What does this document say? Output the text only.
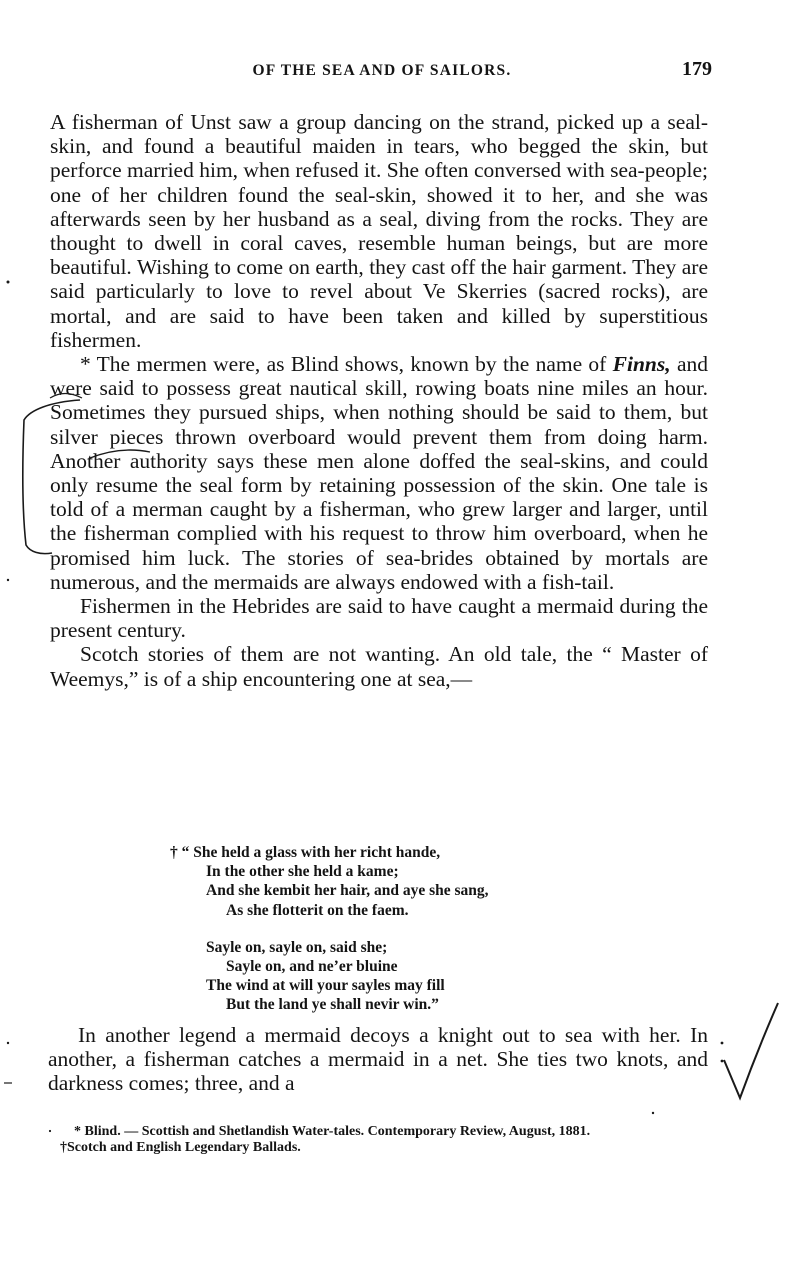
OF THE SEA AND OF SAILORS.	179

A fisherman of Unst saw a group dancing on the strand, picked up a seal-skin, and found a beautiful maiden in tears, who begged the skin, but perforce married him, when refused it. She often conversed with sea-people; one of her children found the seal-skin, showed it to her, and she was afterwards seen by her husband as a seal, diving from the rocks. They are thought to dwell in coral caves, resemble human beings, but are more beautiful. Wishing to come on earth, they cast off the hair garment. They are said particularly to love to revel about Ve Skerries (sacred rocks), are mortal, and are said to have been taken and killed by superstitious fishermen.

* The mermen were, as Blind shows, known by the name of Finns, and were said to possess great nautical skill, rowing boats nine miles an hour. Sometimes they pursued ships, when nothing should be said to them, but silver pieces thrown overboard would prevent them from doing harm. Another authority says these men alone doffed the seal-skins, and could only resume the seal form by retaining possession of the skin. One tale is told of a merman caught by a fisherman, who grew larger and larger, until the fisherman complied with his request to throw him overboard, when he promised him luck. The stories of sea-brides obtained by mortals are numerous, and the mermaids are always endowed with a fish-tail.

Fishermen in the Hebrides are said to have caught a mermaid during the present century.

Scotch stories of them are not wanting. An old tale, the “ Master of Weemys,” is of a ship encountering one at sea,—

† “ She held a glass with her richt hande,
In the other she held a kame;
And she kembit her hair, and aye she sang,
As she flotterit on the faem.
Sayle on, sayle on, said she;
Sayle on, and ne’er bluine
The wind at will your sayles may fill
But the land ye shall nevir win.”

In another legend a mermaid decoys a knight out to sea with her. In another, a fisherman catches a mermaid in a net. She ties two knots, and darkness comes; three, and a

* Blind. — Scottish and Shetlandish Water-tales. Contemporary Review, August, 1881.

†Scotch and English Legendary Ballads.
